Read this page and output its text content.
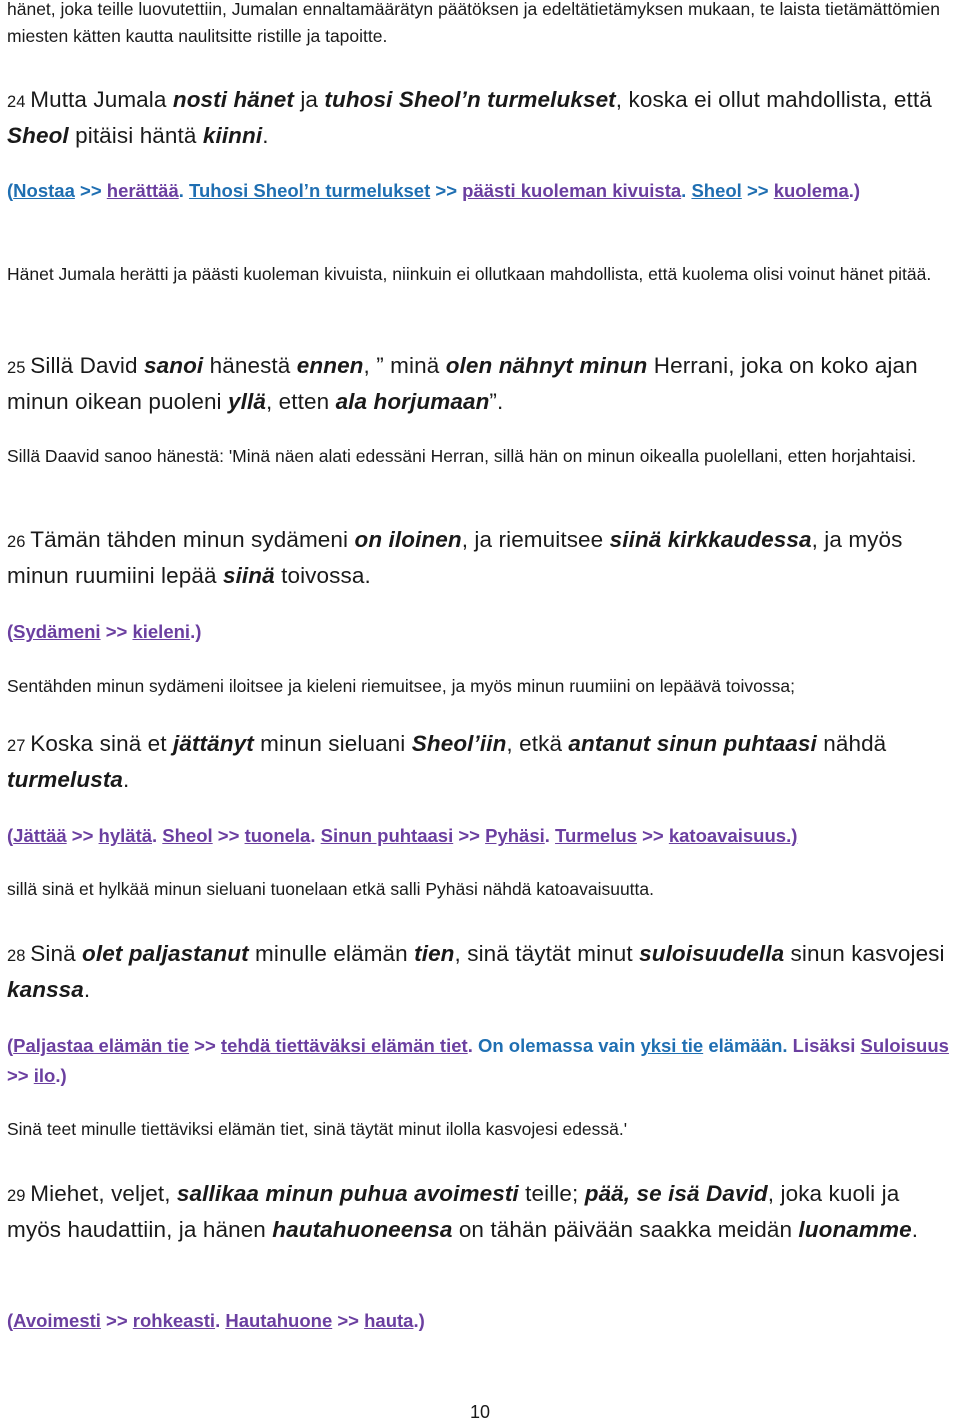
hänet, joka teille luovutettiin, Jumalan ennaltamäärätyn päätöksen ja edeltätietämyksen mukaan, te laista tietämättömien miesten kätten kautta naulitsitte ristille ja tapoitte.

24 Mutta Jumala nosti hänet ja tuhosi Sheol’n turmelukset, koska ei ollut mahdollista, että Sheol pitäisi häntä kiinni.

(Nostaa >> herättää. Tuhosi Sheol’n turmelukset >> päästi kuoleman kivuista. Sheol >> kuolema.)

Hänet Jumala herätti ja päästi kuoleman kivuista, niinkuin ei ollutkaan mahdollista, että kuolema olisi voinut hänet pitää.

25 Sillä David sanoi hänestä ennen, ” minä olen nähnyt minun Herrani, joka on koko ajan minun oikean puoleni yllä, etten ala horjumaan”.

Sillä Daavid sanoo hänestä: 'Minä näen alati edessäni Herran, sillä hän on minun oikealla puolellani, etten horjahtaisi.

26 Tämän tähden minun sydämeni on iloinen, ja riemuitsee siinä kirkkaudessa, ja myös minun ruumiini lepää siinä toivossa.

(Sydämeni >> kieleni.)

Sentähden minun sydämeni iloitsee ja kieleni riemuitsee, ja myös minun ruumiini on lepäävä toivossa;

27 Koska sinä et jättänyt minun sieluani Sheol’iin, etkä antanut sinun puhtaasi nähdä turmelusta.

(Jättää >> hylätä. Sheol >> tuonela. Sinun puhtaasi >> Pyhäsi. Turmelus >> katoavaisuus.)

sillä sinä et hylkää minun sieluani tuonelaan etkä salli Pyhäsi nähdä katoavaisuutta.

28 Sinä olet paljastanut minulle elämän tien, sinä täytät minut suloisuudella sinun kasvojesi kanssa.

(Paljastaa elämän tie >> tehdä tiettäväksi elämän tiet. On olemassa vain yksi tie elämään. Lisäksi Suloisuus >> ilo.)

Sinä teet minulle tiettäviksi elämän tiet, sinä täytät minut ilolla kasvojesi edessä.'

29 Miehet, veljet, sallikaa minun puhua avoimesti teille; pää, se isä David, joka kuoli ja myös haudattiin, ja hänen hautahuoneensa on tähän päivään saakka meidän luonamme.

(Avoimesti >> rohkeasti. Hautahuone >> hauta.)

10
